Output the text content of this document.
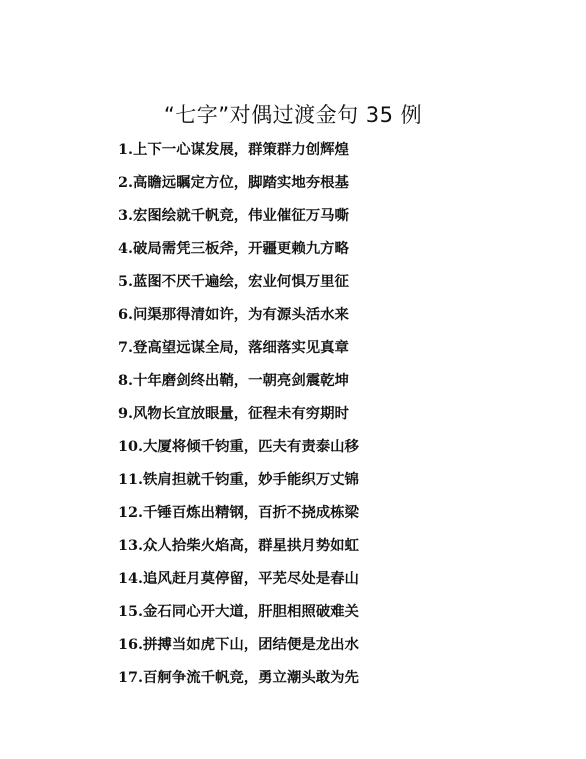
“七字”对偶过渡金句 35 例
1.上下一心谋发展，群策群力创辉煌
2.高瞻远瞩定方位，脚踏实地夯根基
3.宏图绘就千帆竞，伟业催征万马嘶
4.破局需凭三板斧，开疆更赖九方略
5.蓝图不厌千遍绘，宏业何惧万里征
6.问渠那得清如许，为有源头活水来
7.登高望远谋全局，落细落实见真章
8.十年磨剑终出鞘，一朝亮剑震乾坤
9.风物长宜放眼量，征程未有穷期时
10.大厦将倾千钧重，匹夫有责泰山移
11.铁肩担就千钧重，妙手能织万丈锦
12.千锤百炼出精钢，百折不挠成栋梁
13.众人拾柴火焰高，群星拱月势如虹
14.追风赶月莫停留，平芜尽处是春山
15.金石同心开大道，肝胆相照破难关
16.拼搏当如虎下山，团结便是龙出水
17.百舸争流千帆竞，勇立潮头敢为先
